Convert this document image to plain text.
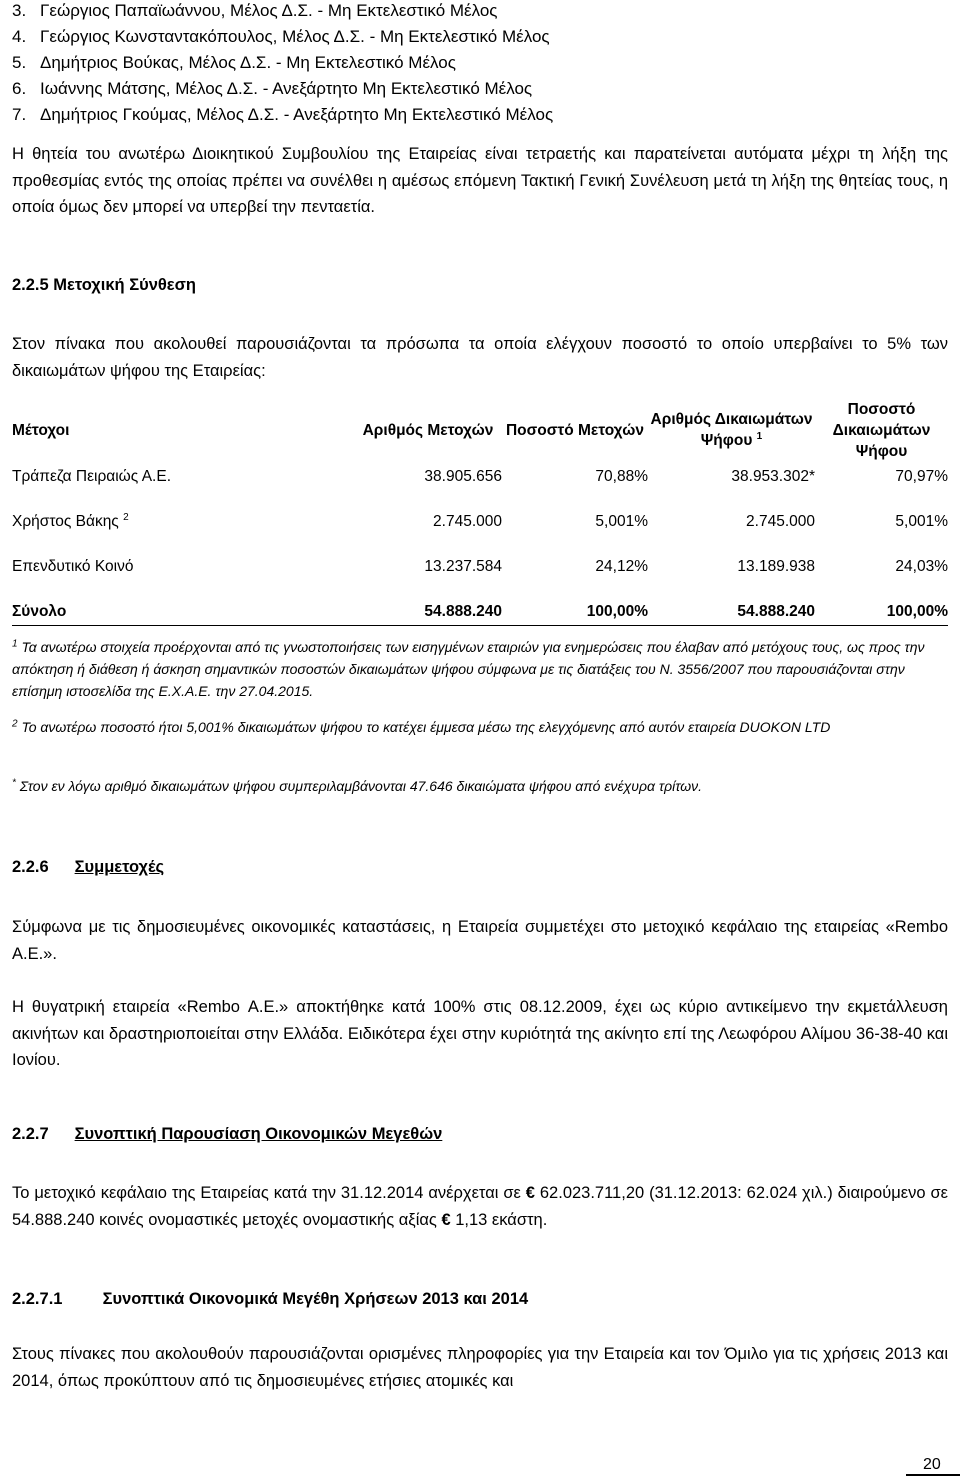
3. Γεώργιος Παπαϊωάννου, Μέλος Δ.Σ. - Μη Εκτελεστικό Μέλος
4. Γεώργιος Κωνσταντακόπουλος, Μέλος Δ.Σ. - Μη Εκτελεστικό Μέλος
5. Δημήτριος Βούκας, Μέλος Δ.Σ. - Μη Εκτελεστικό Μέλος
6. Ιωάννης Μάτσης, Μέλος Δ.Σ. - Ανεξάρτητο Μη Εκτελεστικό Μέλος
7. Δημήτριος Γκούμας, Μέλος Δ.Σ. - Ανεξάρτητο Μη Εκτελεστικό Μέλος

Η θητεία του ανωτέρω Διοικητικού Συμβουλίου της Εταιρείας είναι τετραετής και παρατείνεται αυτόματα μέχρι τη λήξη της προθεσμίας εντός της οποίας πρέπει να συνέλθει η αμέσως επόμενη Τακτική Γενική Συνέλευση μετά τη λήξη της θητείας τους, η οποία όμως δεν μπορεί να υπερβεί την πενταετία.

2.2.5 Μετοχική Σύνθεση

Στον πίνακα που ακολουθεί παρουσιάζονται τα πρόσωπα τα οποία ελέγχουν ποσοστό το οποίο υπερβαίνει το 5% των δικαιωμάτων ψήφου της Εταιρείας:

Μέτοχοι	Αριθμός Μετοχών	Ποσοστό Μετοχών	Αριθμός Δικαιωμάτων Ψήφου $^1$	Ποσοστό Δικαιωμάτων Ψήφου
Τράπεζα Πειραιώς Α.Ε.	38.905.656	70,88%	38.953.302*	70,97%
Χρήστος Βάκης $^2$	2.745.000	5,001%	2.745.000	5,001%
Επενδυτικό Κοινό	13.237.584	24,12%	13.189.938	24,03%
Σύνολο	54.888.240	100,00%	54.888.240	100,00%
$^1$ Τα ανωτέρω στοιχεία προέρχονται από τις γνωστοποιήσεις των εισηγμένων εταιριών για ενημερώσεις που έλαβαν από μετόχους τους, ως προς την απόκτηση ή διάθεση ή άσκηση σημαντικών ποσοστών δικαιωμάτων ψήφου σύμφωνα με τις διατάξεις του Ν. 3556/2007 που παρουσιάζονται στην επίσημη ιστοσελίδα της Ε.Χ.Α.Ε. την 27.04.2015.
$^2$ Το ανωτέρω ποσοστό ήτοι 5,001% δικαιωμάτων ψήφου το κατέχει έμμεσα μέσω της ελεγχόμενης από αυτόν εταιρεία DUOKON LTD
* Στον εν λόγω αριθμό δικαιωμάτων ψήφου συμπεριλαμβάνονται 47.646 δικαιώματα ψήφου από ενέχυρα τρίτων.
2.2.6 Συμμετοχές

Σύμφωνα με τις δημοσιευμένες οικονομικές καταστάσεις, η Εταιρεία συμμετέχει στο μετοχικό κεφάλαιο της εταιρείας «Rembo Α.Ε.».

Η θυγατρική εταιρεία «Rembo Α.Ε.» αποκτήθηκε κατά 100% στις 08.12.2009, έχει ως κύριο αντικείμενο την εκμετάλλευση ακινήτων και δραστηριοποιείται στην Ελλάδα. Ειδικότερα έχει στην κυριότητά της ακίνητο επί της Λεωφόρου Αλίμου 36-38-40 και Ιονίου.

2.2.7 Συνοπτική Παρουσίαση Οικονομικών Μεγεθών

Το μετοχικό κεφάλαιο της Εταιρείας κατά την 31.12.2014 ανέρχεται σε € 62.023.711,20 (31.12.2013: 62.024 χιλ.) διαιρούμενο σε 54.888.240 κοινές ονομαστικές μετοχές ονομαστικής αξίας € 1,13 εκάστη.

2.2.7.1 Συνοπτικά Οικονομικά Μεγέθη Χρήσεων 2013 και 2014

Στους πίνακες που ακολουθούν παρουσιάζονται ορισμένες πληροφορίες για την Εταιρεία και τον Όμιλο για τις χρήσεις 2013 και 2014, όπως προκύπτουν από τις δημοσιευμένες ετήσιες ατομικές και

20
